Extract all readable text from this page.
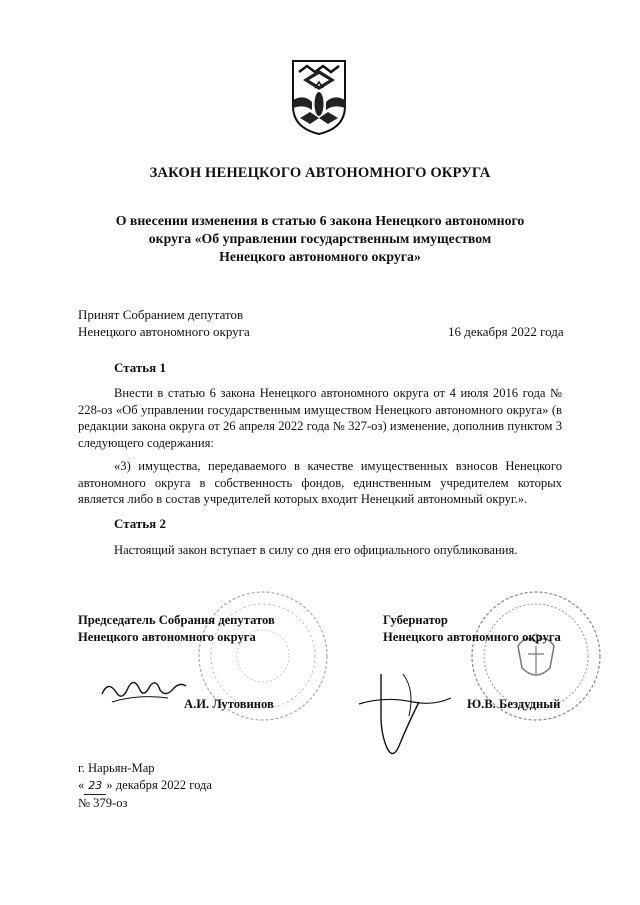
ЗАКОН НЕНЕЦКОГО АВТОНОМНОГО ОКРУГА
О внесении изменения в статью 6 закона Ненецкого автономного
округа «Об управлении государственным имуществом
Ненецкого автономного округа»
Принят Собранием депутатов
Ненецкого автономного округа	16 декабря 2022 года
Статья 1

Внести в статью 6 закона Ненецкого автономного округа от 4 июля 2016 года № 228-оз «Об управлении государственным имуществом Ненецкого автономного округа» (в редакции закона округа от 26 апреля 2022 года № 327-оз) изменение, дополнив пунктом 3 следующего содержания:

«3) имущества, передаваемого в качестве имущественных взносов Ненецкого автономного округа в собственность фондов, единственным учредителем которых является либо в состав учредителей которых входит Ненецкий автономный округ.».

Статья 2

Настоящий закон вступает в силу со дня его официального опубликования.

Председатель Собрания депутатов
Ненецкого автономного округа
Губернатор
Ненецкого автономного округа
А.И. Лутовинов	Ю.В. Бездудный
г. Нарьян-Мар
« 23 » декабря 2022 года
№ 379-оз
